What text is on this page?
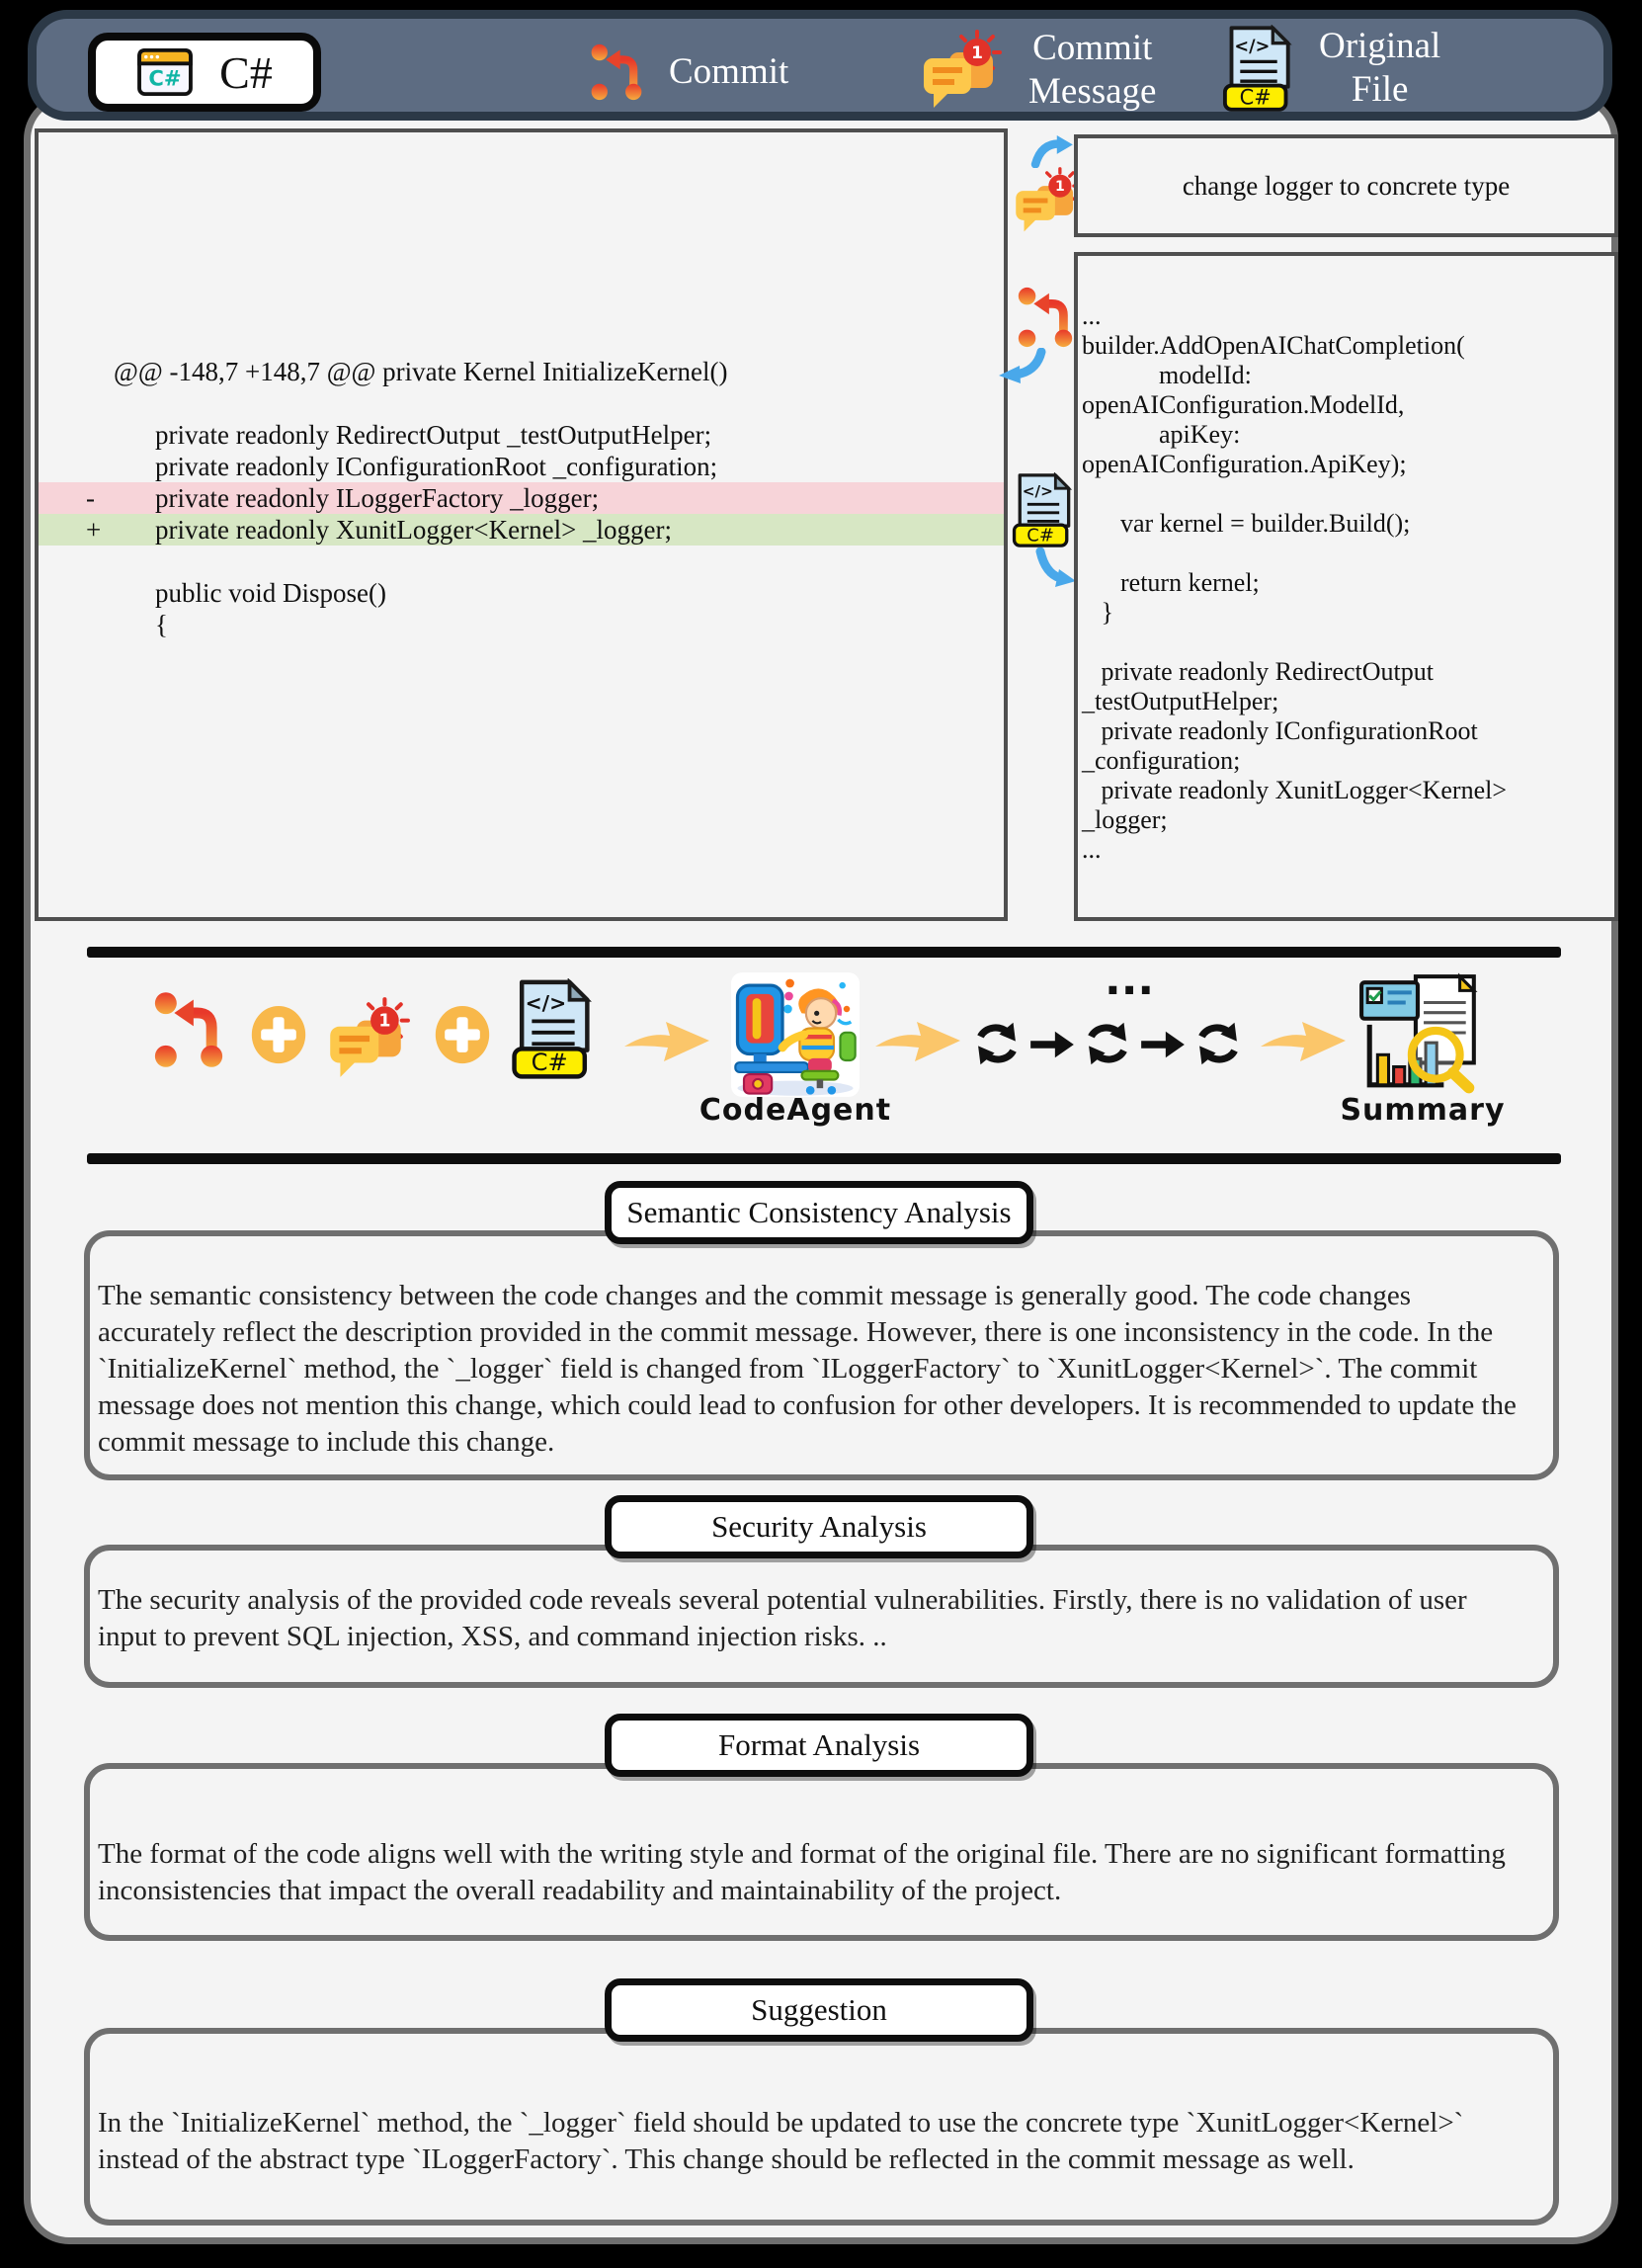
C# C#	Commit	1 Commit
Message
</>
C#
Original
File
@@ -148,7 +148,7 @@ private Kernel InitializeKernel()
private readonly RedirectOutput _testOutputHelper;
private readonly IConfigurationRoot _configuration;
-	private readonly ILoggerFactory _logger;
+	private readonly XunitLogger<Kernel> _logger;
public void Dispose()
{
1
</>
C#
change logger to concrete type
...
builder.AddOpenAIChatCompletion(
modelId:
openAIConfiguration.ModelId,
apiKey:
openAIConfiguration.ApiKey);
var kernel = builder.Build();
return kernel;
}
private readonly RedirectOutput
_testOutputHelper;
private readonly IConfigurationRoot
_configuration;
private readonly XunitLogger<Kernel>
_logger;
...
1
</>
C#
CodeAgent
...
Summary
Semantic Consistency Analysis
The semantic consistency between the code changes and the commit message is generally good. The code changes accurately reflect the description provided in the commit message. However, there is one inconsistency in the code. In the `InitializeKernel` method, the `_logger` field is changed from `ILoggerFactory` to `XunitLogger<Kernel>`. The commit message does not mention this change, which could lead to confusion for other developers. It is recommended to update the commit message to include this change.
Security Analysis
The security analysis of the provided code reveals several potential vulnerabilities. Firstly, there is no validation of user input to prevent SQL injection, XSS, and command injection risks. ..
Format Analysis
The format of the code aligns well with the writing style and format of the original file. There are no significant formatting inconsistencies that impact the overall readability and maintainability of the project.
Suggestion
In the `InitializeKernel` method, the `_logger` field should be updated to use the concrete type `XunitLogger<Kernel>` instead of the abstract type `ILoggerFactory`. This change should be reflected in the commit message as well.
